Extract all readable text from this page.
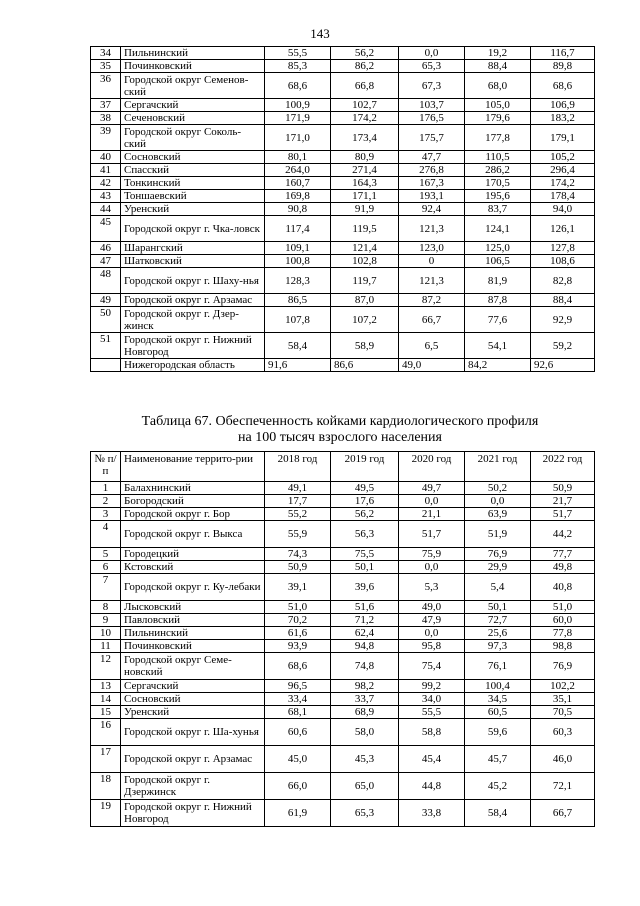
143
34	Пильнинский	55,5	56,2	0,0	19,2	116,7
35	Починковский	85,3	86,2	65,3	88,4	89,8
36	Городской округ Семенов-ский	68,6	66,8	67,3	68,0	68,6
37	Сергачский	100,9	102,7	103,7	105,0	106,9
38	Сеченовский	171,9	174,2	176,5	179,6	183,2
39	Городской округ Соколь-ский	171,0	173,4	175,7	177,8	179,1
40	Сосновский	80,1	80,9	47,7	110,5	105,2
41	Спасский	264,0	271,4	276,8	286,2	296,4
42	Тонкинский	160,7	164,3	167,3	170,5	174,2
43	Тоншаевский	169,8	171,1	193,1	195,6	178,4
44	Уренский	90,8	91,9	92,4	83,7	94,0
45	Городской округ г. Чка-ловск	117,4	119,5	121,3	124,1	126,1
46	Шарангский	109,1	121,4	123,0	125,0	127,8
47	Шатковский	100,8	102,8	0	106,5	108,6
48	Городской округ г. Шаху-нья	128,3	119,7	121,3	81,9	82,8
49	Городской округ г. Арзамас	86,5	87,0	87,2	87,8	88,4
50	Городской округ г. Дзер-жинск	107,8	107,2	66,7	77,6	92,9
51	Городской округ г. Нижний Новгород	58,4	58,9	6,5	54,1	59,2
	Нижегородская область	91,6	86,6	49,0	84,2	92,6
Таблица 67. Обеспеченность койками кардиологического профиля
на 100 тысяч взрослого населения
№ п/п	Наименование террито-рии	2018 год	2019 год	2020 год	2021 год	2022 год
1	Балахнинский	49,1	49,5	49,7	50,2	50,9
2	Богородский	17,7	17,6	0,0	0,0	21,7
3	Городской округ г. Бор	55,2	56,2	21,1	63,9	51,7
4	Городской округ г. Выкса	55,9	56,3	51,7	51,9	44,2
5	Городецкий	74,3	75,5	75,9	76,9	77,7
6	Кстовский	50,9	50,1	0,0	29,9	49,8
7	Городской округ г. Ку-лебаки	39,1	39,6	5,3	5,4	40,8
8	Лысковский	51,0	51,6	49,0	50,1	51,0
9	Павловский	70,2	71,2	47,9	72,7	60,0
10	Пильнинский	61,6	62,4	0,0	25,6	77,8
11	Починковский	93,9	94,8	95,8	97,3	98,8
12	Городской округ Семе-новский	68,6	74,8	75,4	76,1	76,9
13	Сергачский	96,5	98,2	99,2	100,4	102,2
14	Сосновский	33,4	33,7	34,0	34,5	35,1
15	Уренский	68,1	68,9	55,5	60,5	70,5
16	Городской округ г. Ша-хунья	60,6	58,0	58,8	59,6	60,3
17	Городской округ г. Арзамас	45,0	45,3	45,4	45,7	46,0
18	Городской округ г. Дзержинск	66,0	65,0	44,8	45,2	72,1
19	Городской округ г. Нижний Новгород	61,9	65,3	33,8	58,4	66,7
